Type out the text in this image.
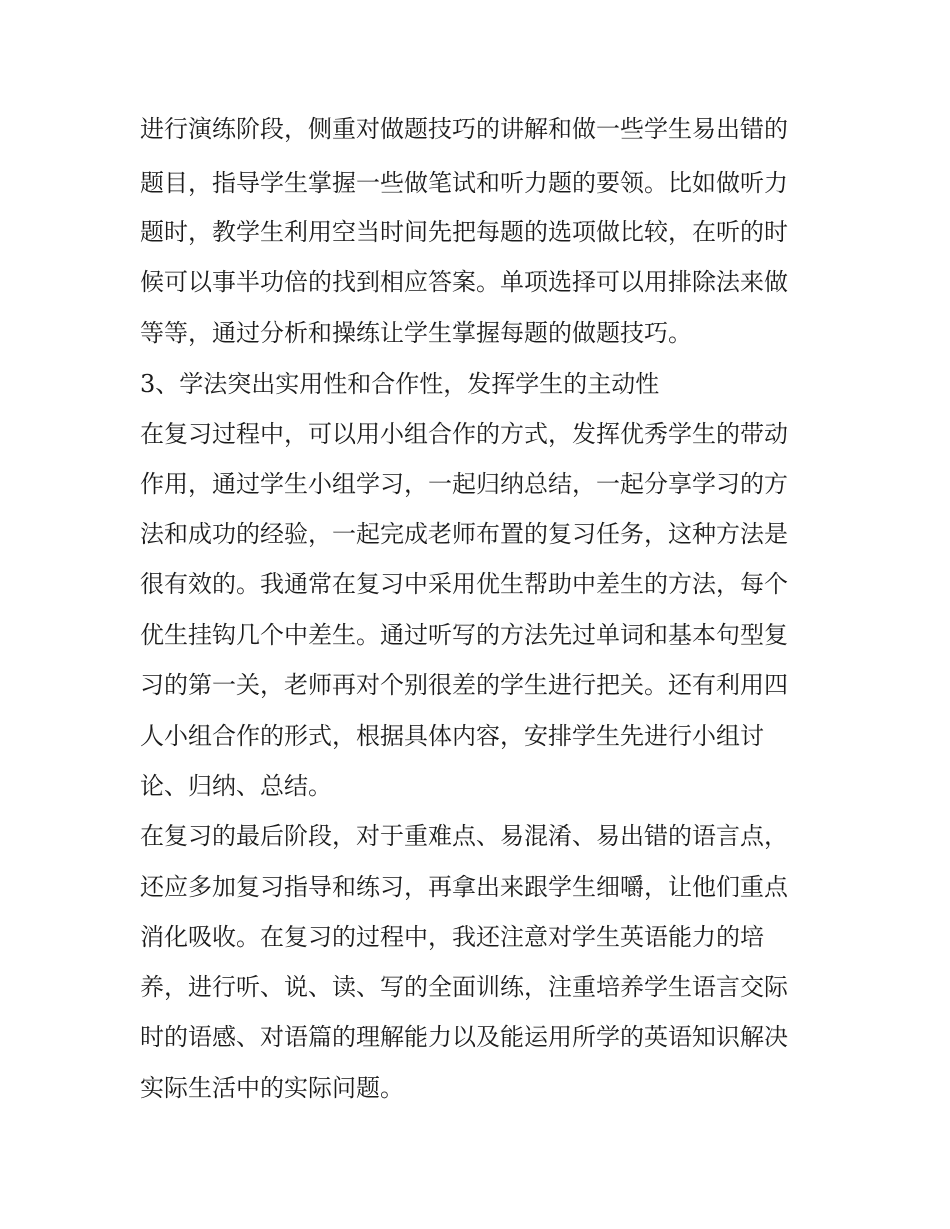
进行演练阶段，侧重对做题技巧的讲解和做一些学生易出错的
题目，指导学生掌握一些做笔试和听力题的要领。比如做听力
题时，教学生利用空当时间先把每题的选项做比较，在听的时
候可以事半功倍的找到相应答案。单项选择可以用排除法来做
等等，通过分析和操练让学生掌握每题的做题技巧。
3、学法突出实用性和合作性，发挥学生的主动性
在复习过程中，可以用小组合作的方式，发挥优秀学生的带动
作用，通过学生小组学习，一起归纳总结，一起分享学习的方
法和成功的经验，一起完成老师布置的复习任务，这种方法是
很有效的。我通常在复习中采用优生帮助中差生的方法，每个
优生挂钩几个中差生。通过听写的方法先过单词和基本句型复
习的第一关，老师再对个别很差的学生进行把关。还有利用四
人小组合作的形式，根据具体内容，安排学生先进行小组讨
论、归纳、总结。
在复习的最后阶段，对于重难点、易混淆、易出错的语言点，
还应多加复习指导和练习，再拿出来跟学生细嚼，让他们重点
消化吸收。在复习的过程中，我还注意对学生英语能力的培
养，进行听、说、读、写的全面训练，注重培养学生语言交际
时的语感、对语篇的理解能力以及能运用所学的英语知识解决
实际生活中的实际问题。
